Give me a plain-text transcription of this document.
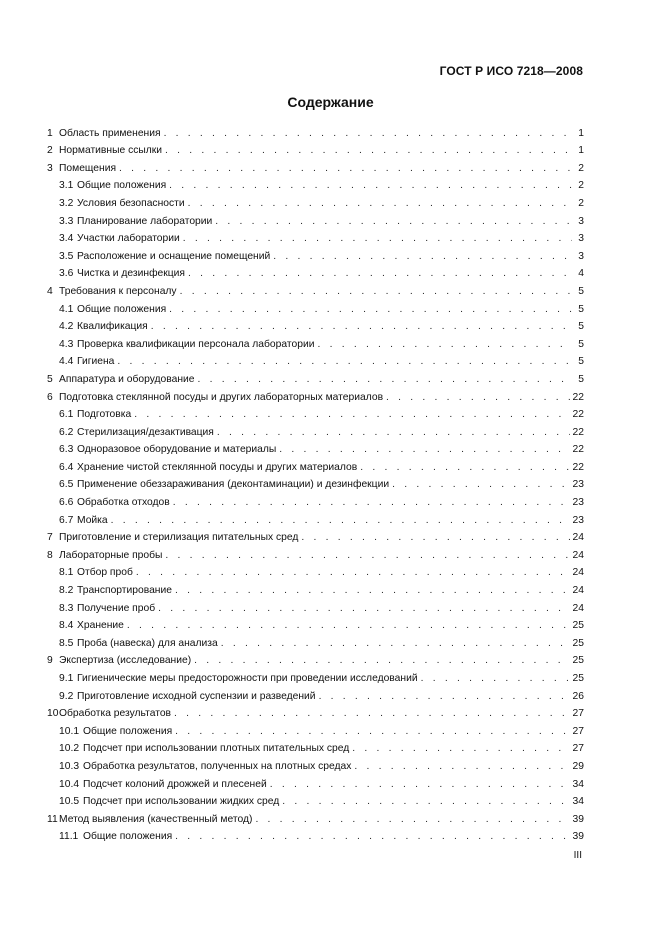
ГОСТ Р ИСО 7218—2008
Содержание
1 Область применения . . .	1
2 Нормативные ссылки . . .	1
3 Помещения . . .	2
3.1 Общие положения . . .	2
3.2 Условия безопасности . . .	2
3.3 Планирование лаборатории . . .	3
3.4 Участки лаборатории . . .	3
3.5 Расположение и оснащение помещений . . .	3
3.6 Чистка и дезинфекция . . .	4
4 Требования к персоналу . . .	5
4.1 Общие положения . . .	5
4.2 Квалификация . . .	5
4.3 Проверка квалификации персонала лаборатории . . .	5
4.4 Гигиена . . .	5
5 Аппаратура и оборудование . . .	5
6 Подготовка стеклянной посуды и других лабораторных материалов . . .	22
6.1 Подготовка . . .	22
6.2 Стерилизация/дезактивация . . .	22
6.3 Одноразовое оборудование и материалы . . .	22
6.4 Хранение чистой стеклянной посуды и других материалов . . .	22
6.5 Применение обеззараживания (деконтаминации) и дезинфекции . . .	23
6.6 Обработка отходов . . .	23
6.7 Мойка . . .	23
7 Приготовление и стерилизация питательных сред . . .	24
8 Лабораторные пробы . . .	24
8.1 Отбор проб . . .	24
8.2 Транспортирование . . .	24
8.3 Получение проб . . .	24
8.4 Хранение . . .	25
8.5 Проба (навеска) для анализа . . .	25
9 Экспертиза (исследование) . . .	25
9.1 Гигиенические меры предосторожности при проведении исследований . . .	25
9.2 Приготовление исходной суспензии и разведений . . .	26
10 Обработка результатов . . .	27
10.1 Общие положения . . .	27
10.2 Подсчет при использовании плотных питательных сред . . .	27
10.3 Обработка результатов, полученных на плотных средах . . .	29
10.4 Подсчет колоний дрожжей и плесеней . . .	34
10.5 Подсчет при использовании жидких сред . . .	34
11 Метод выявления (качественный метод) . . .	39
11.1 Общие положения . . .	39
III
